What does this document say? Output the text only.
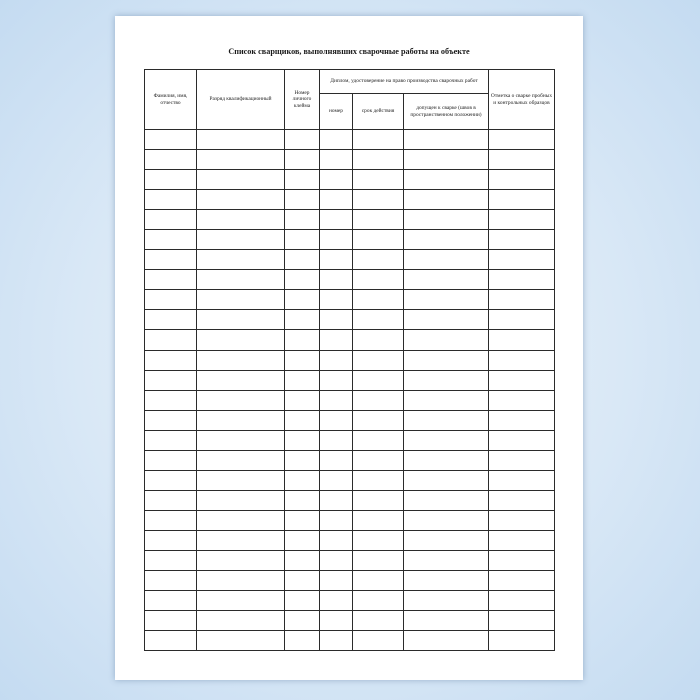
Список сварщиков, выполнявших сварочные работы на объекте
Фамилия, имя, отчество	Разряд квалификационный	Номер личного клейма	Диплом, удостоверение на право производства сварочных работ			Отметка о сварке пробных и контрольных образцов
			номер	срок действия	допущен к сварке (швов в пространственном положении)	
